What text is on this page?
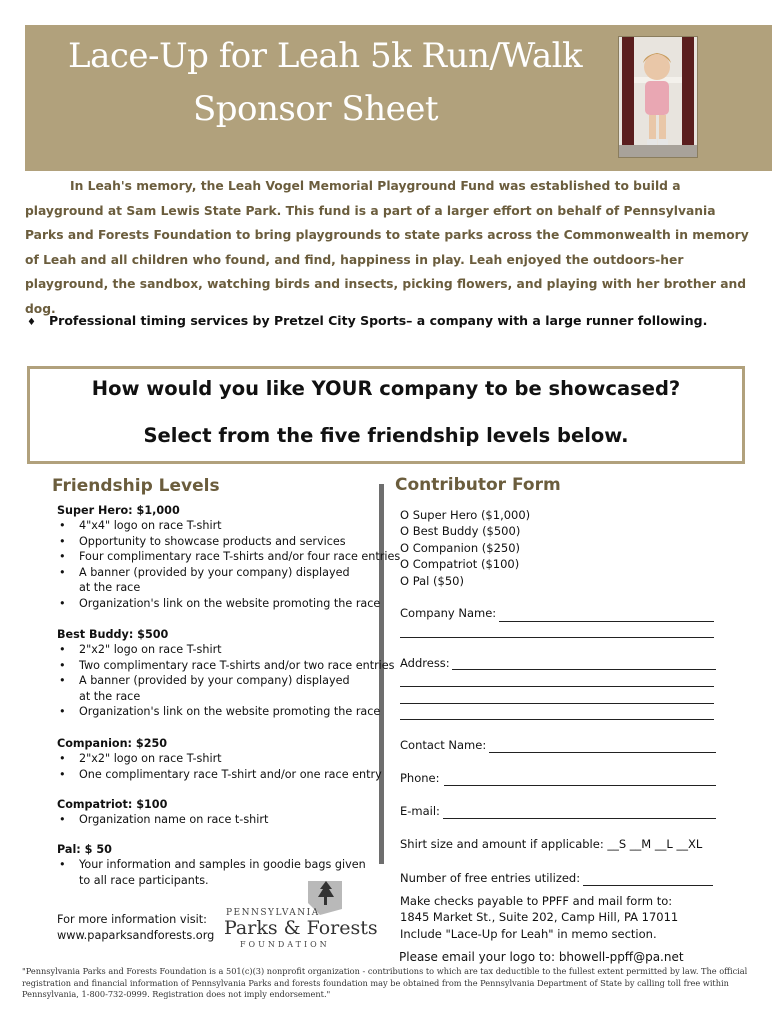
Lace-Up for Leah 5k Run/Walk
Sponsor Sheet

In Leah's memory, the Leah Vogel Memorial Playground Fund was established to build a playground at Sam Lewis State Park. This fund is a part of a larger effort on behalf of Pennsylvania Parks and Forests Foundation to bring playgrounds to state parks across the Commonwealth in memory of Leah and all children who found, and find, happiness in play. Leah enjoyed the outdoors-her playground, the sandbox, watching birds and insects, picking flowers, and playing with her brother and dog.

♦ Professional timing services by Pretzel City Sports– a company with a large runner following.
How would you like YOUR company to be showcased?
Select from the five friendship levels below.
Friendship Levels
Super Hero: $1,000
• 4"x4" logo on race T-shirt
• Opportunity to showcase products and services
• Four complimentary race T-shirts and/or four race entries
• A banner (provided by your company) displayed at the race
• Organization's link on the website promoting the race
Best Buddy: $500
• 2"x2" logo on race T-shirt
• Two complimentary race T-shirts and/or two race entries
• A banner (provided by your company) displayed at the race
• Organization's link on the website promoting the race
Companion: $250
• 2"x2" logo on race T-shirt
• One complimentary race T-shirt and/or one race entry
Compatriot: $100
• Organization name on race t-shirt
Pal: $ 50
• Your information and samples in goodie bags given to all race participants.
For more information visit:
www.paparksandforests.org
PENNSYLVANIA
Parks & Forests
FOUNDATION
Contributor Form
O Super Hero ($1,000)
O Best Buddy ($500)
O Companion ($250)
O Compatriot ($100)
O Pal ($50)
Company Name:
Address:
Contact Name:
Phone:
E-mail:
Shirt size and amount if applicable: __S __M __L __XL
Number of free entries utilized:
Make checks payable to PPFF and mail form to:
1845 Market St., Suite 202, Camp Hill, PA 17011
Include "Lace-Up for Leah" in memo section.
Please email your logo to: bhowell-ppff@pa.net
"Pennsylvania Parks and Forests Foundation is a 501(c)(3) nonprofit organization - contributions to which are tax deductible to the fullest extent permitted by law. The official registration and financial information of Pennsylvania Parks and forests foundation may be obtained from the Pennsylvania Department of State by calling toll free within Pennsylvania, 1-800-732-0999. Registration does not imply endorsement."
